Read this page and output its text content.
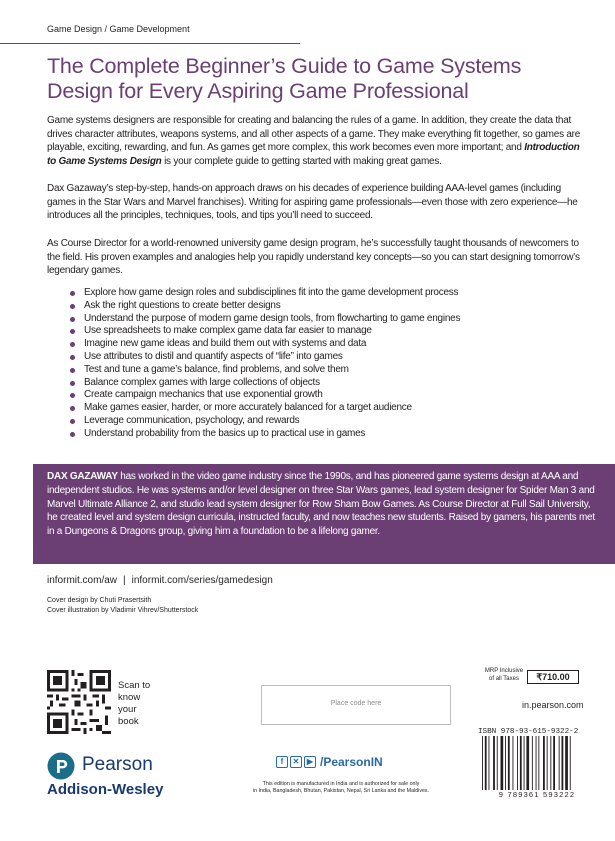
Game Design / Game Development
The Complete Beginner’s Guide to Game Systems
Design for Every Aspiring Game Professional

Game systems designers are responsible for creating and balancing the rules of a game. In addition, they create the data that drives character attributes, weapons systems, and all other aspects of a game. They make everything fit together, so games are playable, exciting, rewarding, and fun. As games get more complex, this work becomes even more important; and Introduction to Game Systems Design is your complete guide to getting started with making great games.

Dax Gazaway’s step-by-step, hands-on approach draws on his decades of experience building AAA-level games (including games in the Star Wars and Marvel franchises). Writing for aspiring game professionals—even those with zero experience—he introduces all the principles, techniques, tools, and tips you’ll need to succeed.

As Course Director for a world-renowned university game design program, he’s successfully taught thousands of newcomers to the field. His proven examples and analogies help you rapidly understand key concepts—so you can start designing tomorrow’s legendary games.

Explore how game design roles and subdisciplines fit into the game development process
Ask the right questions to create better designs
Understand the purpose of modern game design tools, from flowcharting to game engines
Use spreadsheets to make complex game data far easier to manage
Imagine new game ideas and build them out with systems and data
Use attributes to distil and quantify aspects of “life” into games
Test and tune a game’s balance, find problems, and solve them
Balance complex games with large collections of objects
Create campaign mechanics that use exponential growth
Make games easier, harder, or more accurately balanced for a target audience
Leverage communication, psychology, and rewards
Understand probability from the basics up to practical use in games
DAX GAZAWAY has worked in the video game industry since the 1990s, and has pioneered game systems design at AAA and independent studios. He was systems and/or level designer on three Star Wars games, lead system designer for Spider Man 3 and Marvel Ultimate Alliance 2, and studio lead system designer for Row Sham Bow Games. As Course Director at Full Sail University, he created level and system design curricula, instructed faculty, and now teaches new students. Raised by gamers, his parents met in a Dungeons & Dragons group, giving him a foundation to be a lifelong gamer.
informit.com/aw | informit.com/series/gamedesign
Cover design by Chuti Prasertsith
Cover illustration by Vladimir Vihrev/Shutterstock
Scan to
know
your
book
Place code here
MRP Inclusive
of all Taxes	₹710.00
in.pearson.com
ISBN 978-93-615-9322-2
9 789361 593222
Pearson
Addison-Wesley
f	✕ ▶ /PearsonIN
This edition is manufactured in India and is authorized for sale only
in India, Bangladesh, Bhutan, Pakistan, Nepal, Sri Lanka and the Maldives.
